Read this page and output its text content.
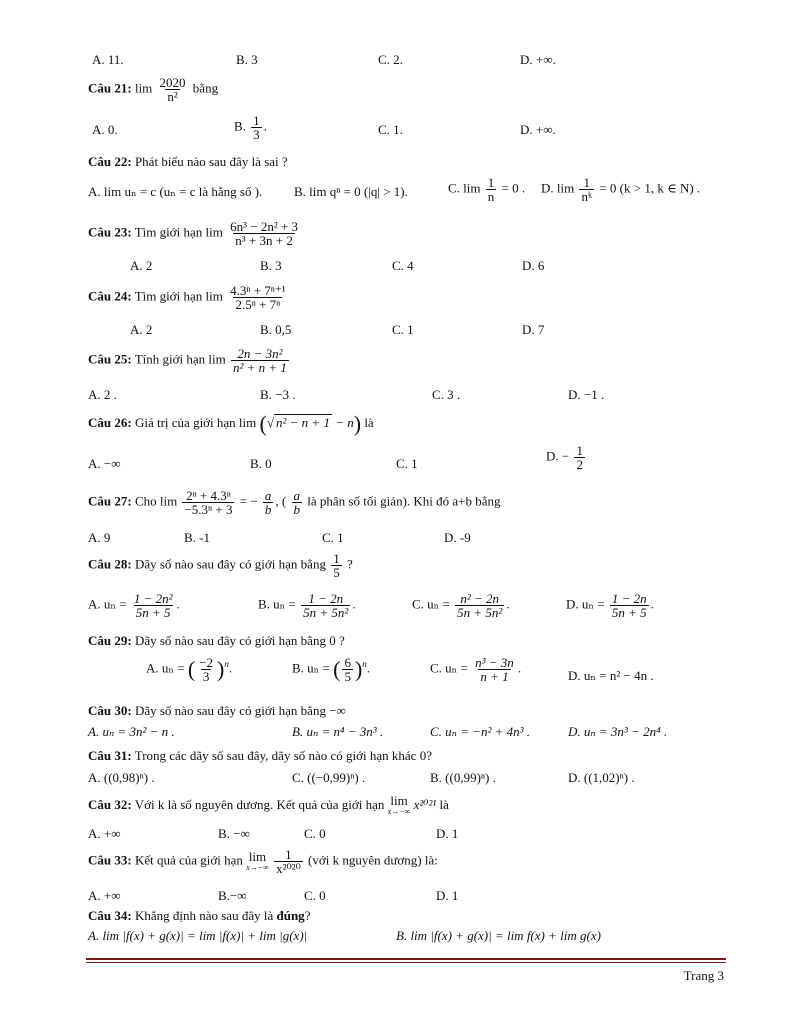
A. 11.	B. 3	C. 2.	D. +∞.
Câu 21: $\lim \frac{2020}{\text{n²}}$ bằng
A. 0.	B. $\frac{1}{3}$ .	C. 1.	D. +∞.
Câu 22: Phát biểu nào sau đây là sai ?
A. lim uₙ = c (uₙ = c là hằng số ). B. lim qⁿ = 0 (|q| > 1).	C. $\lim \frac{1}{n} = 0$ . D. $\lim \frac{1}{\text{nᵏ}} = 0$ (k > 1, k ∈ N) .
Câu 23: Tìm giới hạn $\lim \frac{\text{6n³ − 2n² + 3}}{\text{n³ + 3n + 2}}$
A. 2	B. 3	C. 4	D. 6
Câu 24: Tìm giới hạn $\lim \frac{\text{4.3ⁿ + 7ⁿ⁺¹}}{\text{2.5ⁿ + 7ⁿ}}$
A. 2	B. 0,5	C. 1	D. 7
Câu 25: Tính giới hạn $\lim \frac{\text{2n − 3n²}}{\text{n² + n + 1}}$
A. 2 .	B. −3 .	C. 3 .	D. −1 .
Câu 26: Giá trị của giới hạn lim (√ n² − n + 1 − n) là
A. −∞	B. 0	C. 1
D. − $\frac{1}{2}$
Câu 27: Cho $\lim \frac{\text{2ⁿ + 4.3ⁿ}}{\text{−5.3ⁿ + 3}}$ = − $\frac{a}{b}$ , ( $\frac{a}{b}$ là phân số tối giản). Khi đó a+b bằng
A. 9	B. -1	C. 1	D. -9
Câu 28: Dãy số nào sau đây có giới hạn bằng $\frac{1}{5}$ ?
A. $u_n = \frac{\text{1 − 2n²}}{5n + 5}$ .	B. $u_n = \frac{1 - 2n}{\text{5n + 5n²}}$ .	C. $u_n = \frac{\text{n² − 2n}}{\text{5n + 5n²}}$ .	D. $u_n = \frac{1 - 2n}{5n + 5}$ .
Câu 29: Dãy số nào sau đây có giới hạn bằng 0 ?
A. uₙ = ( $\frac{-2}{3} )^n$.	B. uₙ = ( $\frac{6}{5} )^n$.	C. $u_n = \frac{\text{n³ − 3n}}{n + 1}$ .
D. uₙ = n² − 4n .
Câu 30: Dãy số nào sau đây có giới hạn bằng −∞
A. uₙ = 3n² − n .	B. uₙ = n⁴ − 3n³ .	C. uₙ = −n² + 4n³ .	D. uₙ = 3n³ − 2n⁴ .
Câu 31: Trong các dãy số sau đây, dãy số nào có giới hạn khác 0?
A. ((0,98)ⁿ) .	C. ((−0,99)ⁿ) .	B. ((0,99)ⁿ) .	D. ((1,02)ⁿ) .
Câu 32: Với k là số nguyên dương. Kết quả của giới hạn lim
x→−∞ x²⁰²¹ là
A. +∞	B. −∞	C. 0	D. 1
Câu 33: Kết quả của giới hạn lim
x→−∞
$\frac{1}{\text{x²⁰²⁰}}$ (với k nguyên dương) là:
A. +∞	B.−∞	C. 0	D. 1
Câu 34: Khẳng định nào sau đây là đúng?
A. lim |f(x) + g(x)| = lim |f(x)| + lim |g(x)|	B. lim |f(x) + g(x)| = lim f(x) + lim g(x)
Trang 3
